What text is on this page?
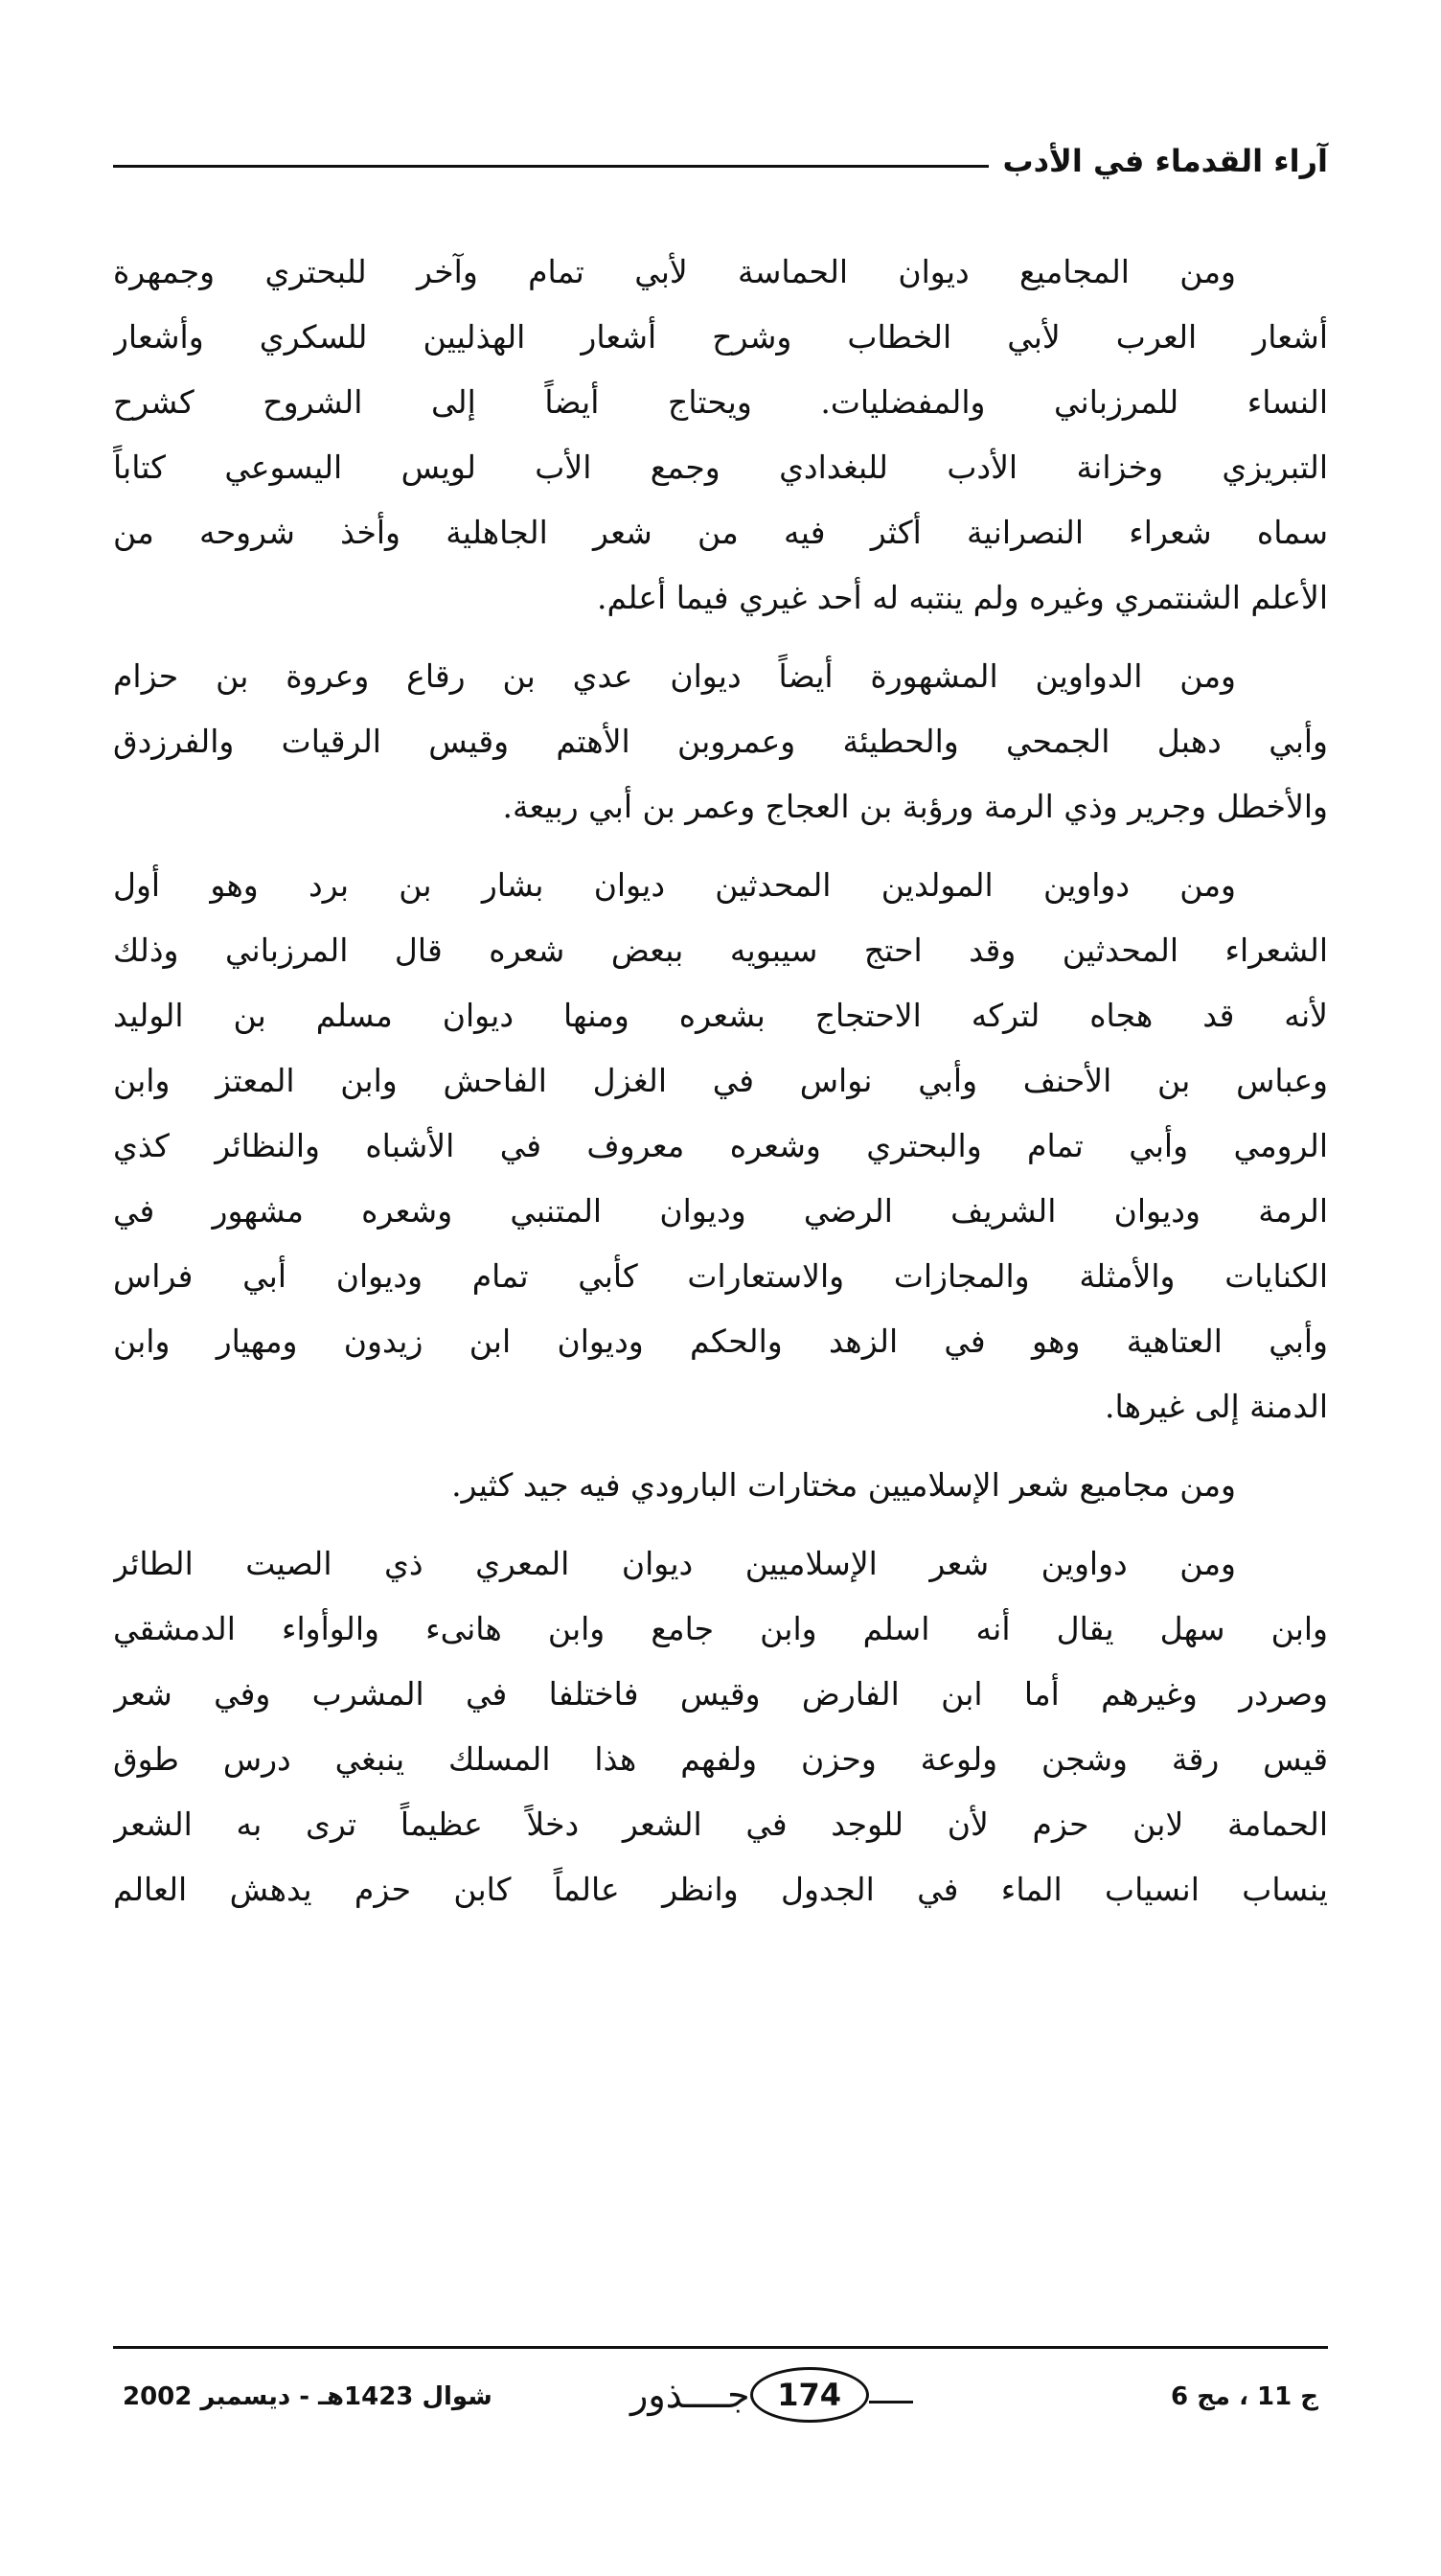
آراء القدماء في الأدب
ومن المجاميع ديوان الحماسة لأبي تمام وآخر للبحتري وجمهرة
أشعار العرب لأبي الخطاب وشرح أشعار الهذليين للسكري وأشعار
النساء للمرزباني والمفضليات. ويحتاج أيضاً إلى الشروح كشرح
التبريزي وخزانة الأدب للبغدادي وجمع الأب لويس اليسوعي كتاباً
سماه شعراء النصرانية أكثر فيه من شعر الجاهلية وأخذ شروحه من
الأعلم الشنتمري وغيره ولم ينتبه له أحد غيري فيما أعلم.
ومن الدواوين المشهورة أيضاً ديوان عدي بن رقاع وعروة بن حزام
وأبي دهبل الجمحي والحطيئة وعمروبن الأهتم وقيس الرقيات والفرزدق
والأخطل وجرير وذي الرمة ورؤبة بن العجاج وعمر بن أبي ربيعة.
ومن دواوين المولدين المحدثين ديوان بشار بن برد وهو أول
الشعراء المحدثين وقد احتج سيبويه ببعض شعره قال المرزباني وذلك
لأنه قد هجاه لتركه الاحتجاج بشعره ومنها ديوان مسلم بن الوليد
وعباس بن الأحنف وأبي نواس في الغزل الفاحش وابن المعتز وابن
الرومي وأبي تمام والبحتري وشعره معروف في الأشباه والنظائر كذي
الرمة وديوان الشريف الرضي وديوان المتنبي وشعره مشهور في
الكنايات والأمثلة والمجازات والاستعارات كأبي تمام وديوان أبي فراس
وأبي العتاهية وهو في الزهد والحكم وديوان ابن زيدون ومهيار وابن
الدمنة إلى غيرها.
ومن مجاميع شعر الإسلاميين مختارات البارودي فيه جيد كثير.
ومن دواوين شعر الإسلاميين ديوان المعري ذي الصيت الطائر
وابن سهل يقال أنه اسلم وابن جامع وابن هانىء والوأواء الدمشقي
وصردر وغيرهم أما ابن الفارض وقيس فاختلفا في المشرب وفي شعر
قيس رقة وشجن ولوعة وحزن ولفهم هذا المسلك ينبغي درس طوق
الحمامة لابن حزم لأن للوجد في الشعر دخلاً عظيماً ترى به الشعر
ينساب انسياب الماء في الجدول وانظر عالماً كابن حزم يدهش العالم
شوال 1423هـ - ديسمبر 2002	جــــذور 174	ج 11 ، مج 6
